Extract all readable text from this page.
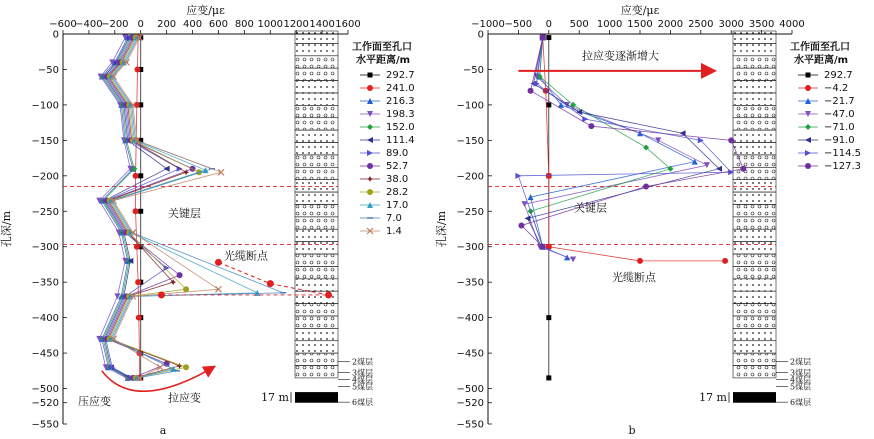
−600
−400
−200 0 200 400 600 800 1000 1200 1400 1600
0
−50
−100
−150
−200
−250
−300
−350
−400
−450
−500
−520
−550
应变/με
孔深/m
a
17 m
2煤层
3煤层
4煤层
5煤层
6煤层
工作面至孔口
水平距离/m
292.7
241.0
216.3
198.3
152.0
111.4
89.0
52.7
38.0
28.2
17.0
7.0
1.4
关键层
光缆断点
压应变	拉应变
−1000 −500 0 500 1000 1500 2000 2500 3000 3500 4000
0
−50
−100
−150
−200
−250
−300
−350
−400
−450
−500
−520
−550
应变/με
孔深/m
b
17 m
2煤层
3煤层
4煤层
5煤层
6煤层
工作面至孔口
水平距离/m
292.7
−4.2
−21.7
−47.0
−71.0
−91.0
−114.5
−127.3
拉应变逐渐增大
关键层
光缆断点
